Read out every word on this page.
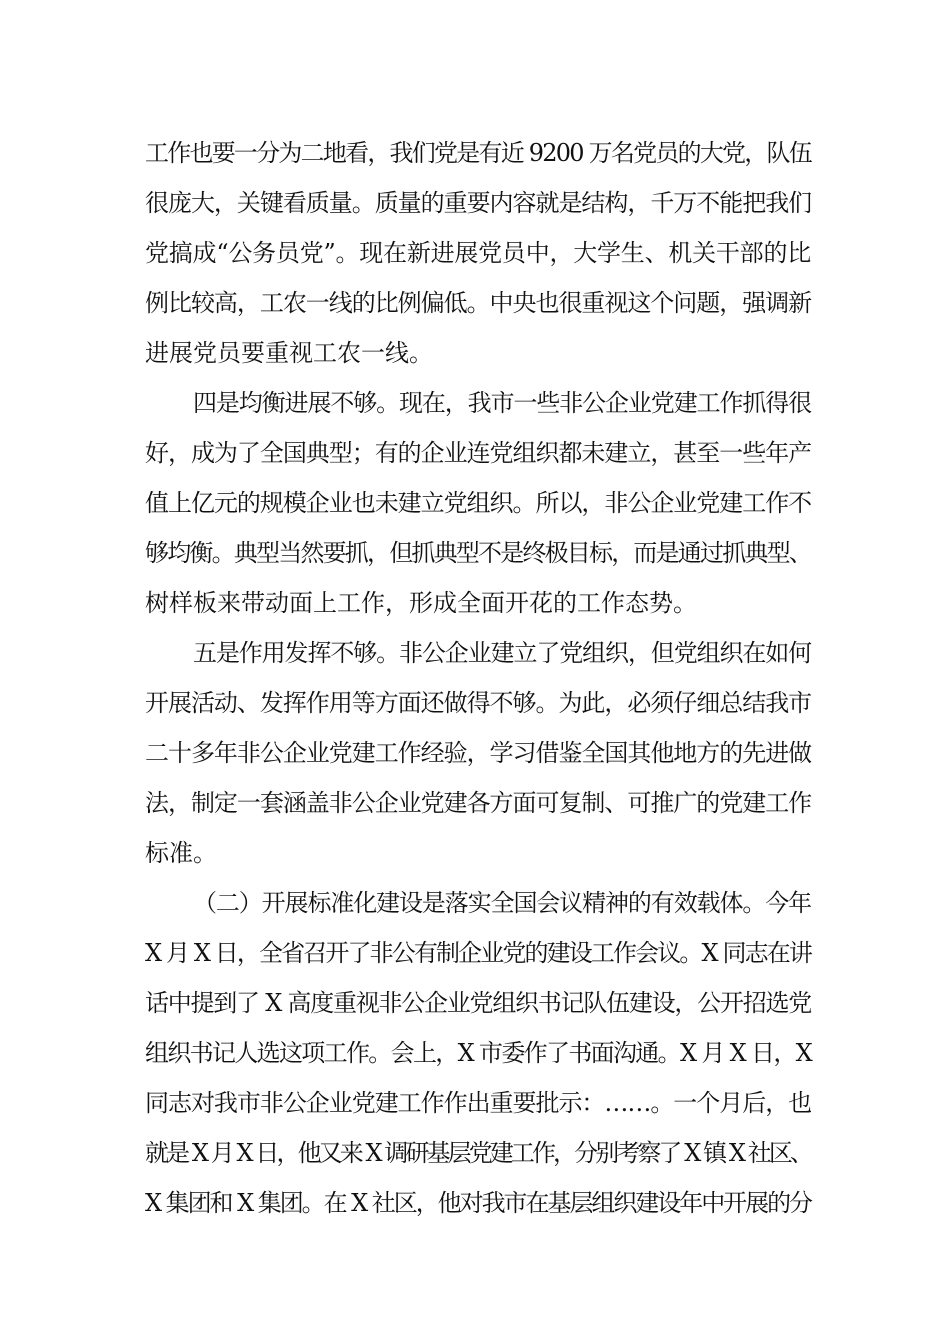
工作也要一分为二地看，我们党是有近 9200 万名党员的大党，队伍
很庞大，关键看质量。质量的重要内容就是结构，千万不能把我们
党搞成“公务员党”。现在新进展党员中，大学生、机关干部的比
例比较高，工农一线的比例偏低。中央也很重视这个问题，强调新
进展党员要重视工农一线。
四是均衡进展不够。现在，我市一些非公企业党建工作抓得很
好，成为了全国典型；有的企业连党组织都未建立，甚至一些年产
值上亿元的规模企业也未建立党组织。所以，非公企业党建工作不
够均衡。典型当然要抓，但抓典型不是终极目标，而是通过抓典型、
树样板来带动面上工作，形成全面开花的工作态势。
五是作用发挥不够。非公企业建立了党组织，但党组织在如何
开展活动、发挥作用等方面还做得不够。为此，必须仔细总结我市
二十多年非公企业党建工作经验，学习借鉴全国其他地方的先进做
法，制定一套涵盖非公企业党建各方面可复制、可推广的党建工作
标准。
（二）开展标准化建设是落实全国会议精神的有效载体。今年
X 月 X 日，全省召开了非公有制企业党的建设工作会议。X 同志在讲
话中提到了 X 高度重视非公企业党组织书记队伍建设，公开招选党
组织书记人选这项工作。会上，X 市委作了书面沟通。X 月 X 日，X
同志对我市非公企业党建工作作出重要批示：……。一个月后，也
就是 X 月 X 日，他又来 X 调研基层党建工作，分别考察了 X 镇 X 社区、
X 集团和 X 集团。在 X 社区，他对我市在基层组织建设年中开展的分
